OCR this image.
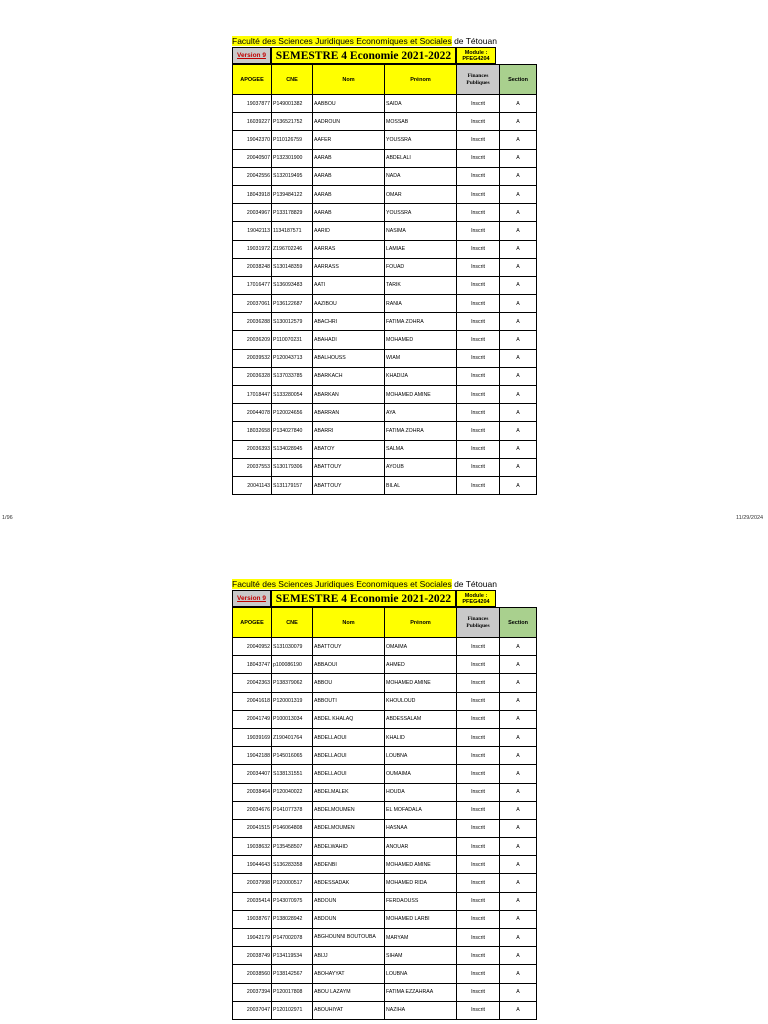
Faculté des Sciences Juridiques Economiques et Sociales de Tétouan
Version 9 SEMESTRE 4 Economie 2021-2022	Module :
PFEG4204
APOGEE	CNE	Nom	Prénom	Finances Publiques	Section
19037877	P149001382	AABBOU	SAIDA	Inscrit	A
16039227	P136521752	AADROUN	MOSSAB	Inscrit	A
19042370	P110126759	AAFER	YOUSSRA	Inscrit	A
20040507	P132301900	AARAB	ABDELALI	Inscrit	A
20042556	S132019495	AARAB	NADA	Inscrit	A
18043918	P139484122	AARAB	OMAR	Inscrit	A
20034967	P133178829	AARAB	YOUSSRA	Inscrit	A
19042113	1134187571	AARID	NASIMA	Inscrit	A
19031972	Z196702246	AARRAS	LAMIAE	Inscrit	A
20038248	S130148359	AARRASS	FOUAD	Inscrit	A
17016477	S136093483	AATI	TARIK	Inscrit	A
20037061	P136122687	AAZIBOU	RANIA	Inscrit	A
20036288	S130012579	ABACHRI	FATIMA ZOHRA	Inscrit	A
20036209	P110070231	ABAHADI	MOHAMED	Inscrit	A
20039532	P120043713	ABALHOUSS	WIAM	Inscrit	A
20036328	S137033785	ABARKACH	KHADIJA	Inscrit	A
17018447	S133280054	ABARKAN	MOHAMED AMINE	Inscrit	A
20044078	P120024656	ABARRAN	AYA	Inscrit	A
18032658	P134027840	ABARRI	FATIMA ZOHRA	Inscrit	A
20036393	S134028945	ABATOY	SALMA	Inscrit	A
20037553	S130179306	ABATTOUY	AYOUB	Inscrit	A
20041143	S131179157	ABATTOUY	BILAL	Inscrit	A
Faculté des Sciences Juridiques Economiques et Sociales de Tétouan
Version 9 SEMESTRE 4 Economie 2021-2022	Module :
PFEG4204
APOGEE	CNE	Nom	Prénom	Finances Publiques	Section
20040952	S131030079	ABATTOUY	OMAIMA	Inscrit	A
18043747	p100086190	ABBAOUI	AHMED	Inscrit	A
20042363	P138379062	ABBOU	MOHAMED AMINE	Inscrit	A
20041618	P120001319	ABBOUTI	KHOULOUD	Inscrit	A
20041749	P100013034	ABDEL KHALAQ	ABDESSALAM	Inscrit	A
19039169	Z190401764	ABDELLAOUI	KHALID	Inscrit	A
19042188	P145016065	ABDELLAOUI	LOUBNA	Inscrit	A
20034407	S138131551	ABDELLAOUI	OUMAIMA	Inscrit	A
20038464	P120040022	ABDELMALEK	HOUDA	Inscrit	A
20034676	P141077378	ABDELMOUMEN	EL MOFADALA	Inscrit	A
20041515	P146064808	ABDELMOUMEN	HASNAA	Inscrit	A
19038632	P135458507	ABDELWAHID	ANOUAR	Inscrit	A
19044643	S136283358	ABDENBI	MOHAMED AMINE	Inscrit	A
20037998	P120000517	ABDESSADAK	MOHAMED RIDA	Inscrit	A
20035414	P143070975	ABDOUN	FERDAOUSS	Inscrit	A
19038767	P138028942	ABDOUN	MOHAMED LARBI	Inscrit	A
19042179	P147002078	ABGHOUNNI BOUTOUBA	MARYAM	Inscrit	A
20038749	P134119534	ABIJJ	SIHAM	Inscrit	A
20038560	P138142567	ABOHAYYAT	LOUBNA	Inscrit	A
20037394	P120017808	ABOU LAZAYM	FATIMA EZZAHRAA	Inscrit	A
20037047	P120102971	ABOUHIYAT	NAZIHA	Inscrit	A
1/96	11/29/2024
